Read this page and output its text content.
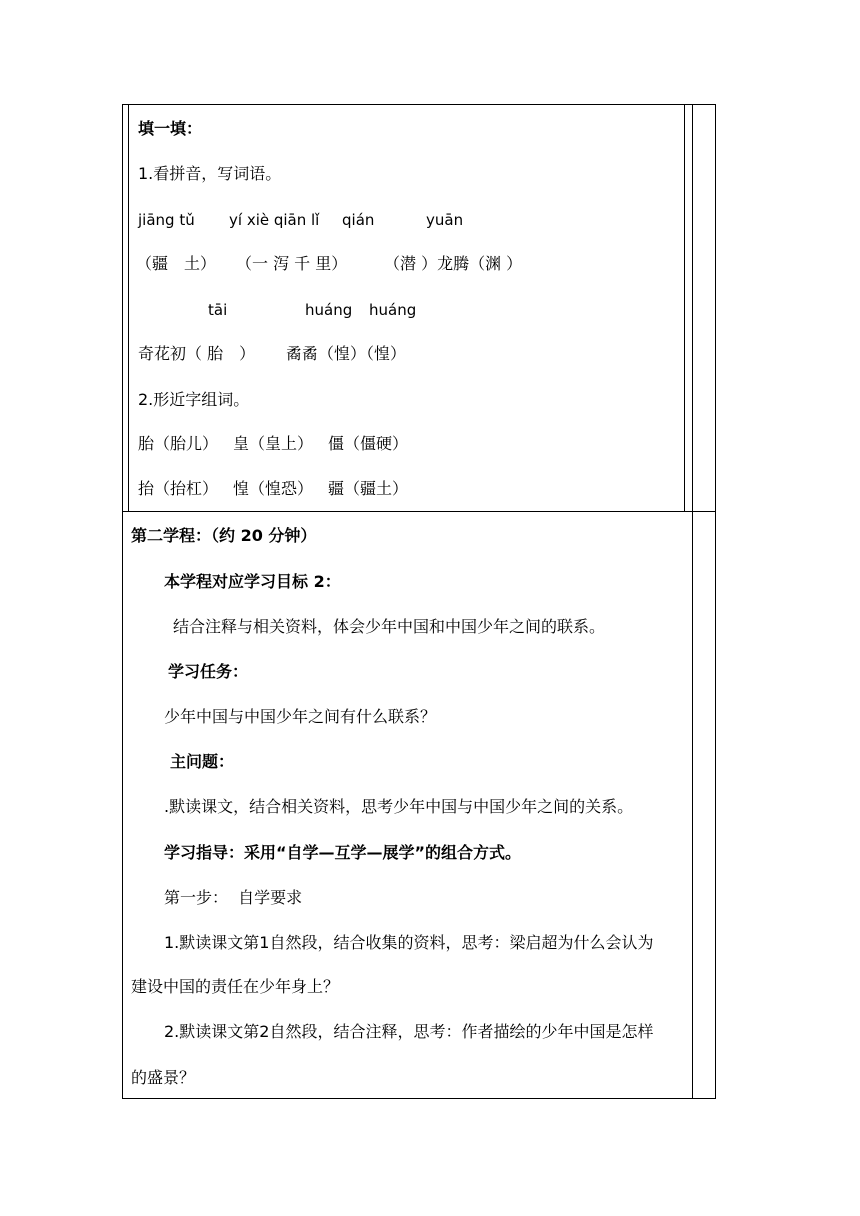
填一填：
1.看拼音，写词语。
jiāng tǔ yí xiè qiān lǐ qián	yuān
（疆　土） （一 泻 千 里） （潜 ）龙腾（渊 ）
tāi	huáng huáng
奇花初（ 胎　） 矞矞（惶）（惶）
2.形近字组词。
胎（胎儿） 皇（皇上） 僵（僵硬）
抬（抬杠） 惶（惶恐） 疆（疆土）
第二学程：（约 20 分钟）
本学程对应学习目标 2：
结合注释与相关资料，体会少年中国和中国少年之间的联系。
学习任务：
少年中国与中国少年之间有什么联系？
主问题：
.默读课文，结合相关资料，思考少年中国与中国少年之间的关系。
学习指导：采用“自学—互学—展学”的组合方式。
第一步：  自学要求
1.默读课文第1自然段，结合收集的资料，思考：梁启超为什么会认为
建设中国的责任在少年身上？
2.默读课文第2自然段，结合注释，思考：作者描绘的少年中国是怎样
的盛景？
